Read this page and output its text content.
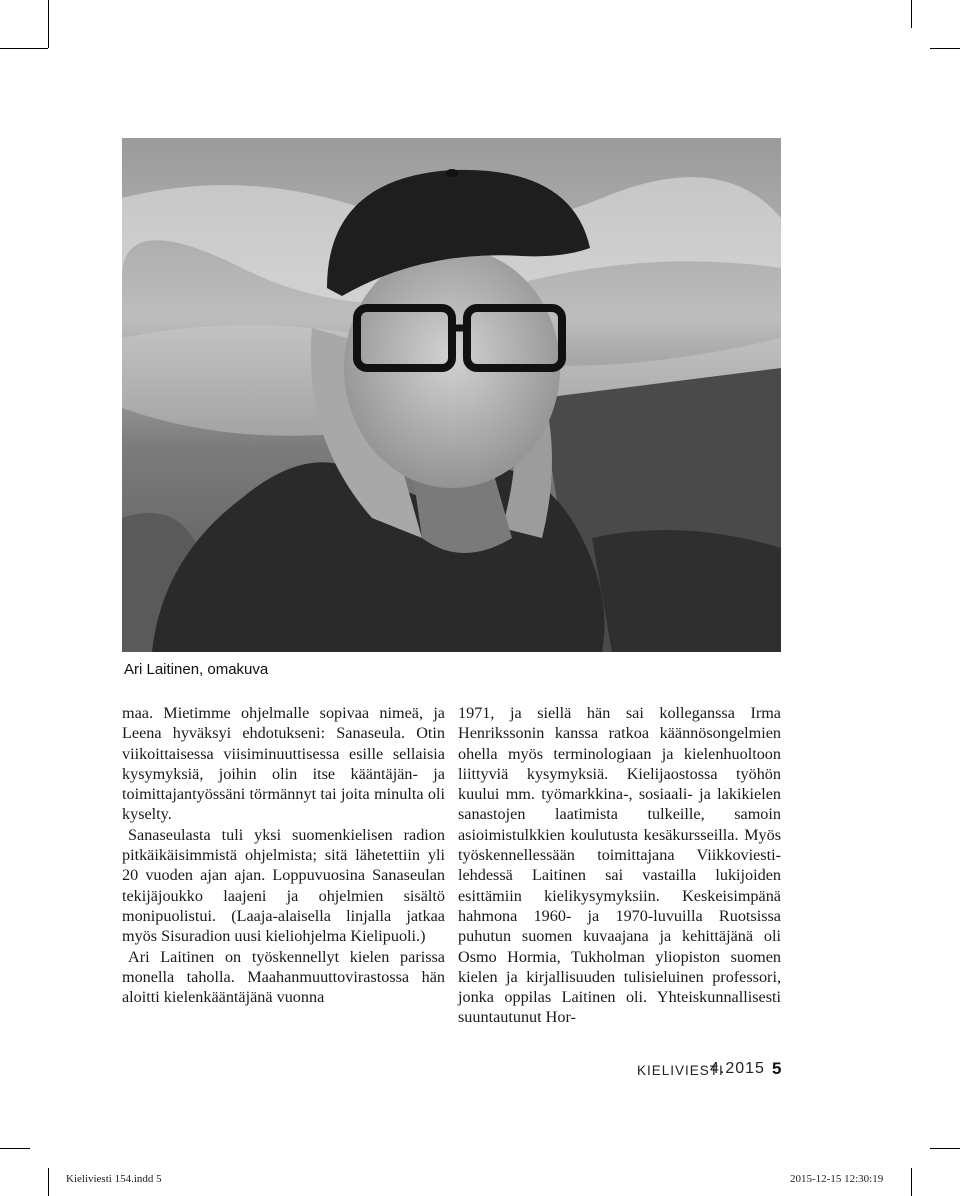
Ari Laitinen, omakuva

maa. Mietimme ohjelmalle sopivaa nimeä, ja Leena hyväksyi ehdotukseni: Sanaseula. Otin viikoittaisessa viisiminuuttisessa esille sellaisia kysymyksiä, joihin olin itse kääntäjän- ja toimittajantyössäni törmännyt tai joita minulta oli kyselty.

Sanaseulasta tuli yksi suomenkielisen radion pitkäikäisimmistä ohjelmista; sitä lähetettiin yli 20 vuoden ajan ajan. Loppuvuosina Sanaseulan tekijäjoukko laajeni ja ohjelmien sisältö monipuolistui. (Laaja-alaisella linjalla jatkaa myös Sisuradion uusi kieliohjelma Kielipuoli.)

Ari Laitinen on työskennellyt kielen parissa monella taholla. Maahanmuuttovirastossa hän aloitti kielenkääntäjänä vuonna

1971, ja siellä hän sai kolleganssa Irma Henrikssonin kanssa ratkoa käännösongelmien ohella myös terminologiaan ja kielenhuoltoon liittyviä kysymyksiä. Kielijaostossa työhön kuului mm. työmarkkina-, sosiaali- ja lakikielen sanastojen laatimista tulkeille, samoin asioimistulkkien koulutusta kesäkursseilla. Myös työskennellessään toimittajana Viikkoviesti-lehdessä Laitinen sai vastailla lukijoiden esittämiin kielikysymyksiin. Keskeisimpänä hahmona 1960- ja 1970-luvuilla Ruotsissa puhutun suomen kuvaajana ja kehittäjänä oli Osmo Hormia, Tukholman yliopiston suomen kielen ja kirjallisuuden tulisieluinen professori, jonka oppilas Laitinen oli. Yhteiskunnallisesti suuntautunut Hor-

KIELIVIESTI
4.2015 5
Kieliviesti 154.indd 5	2015-12-15 12:30:19
